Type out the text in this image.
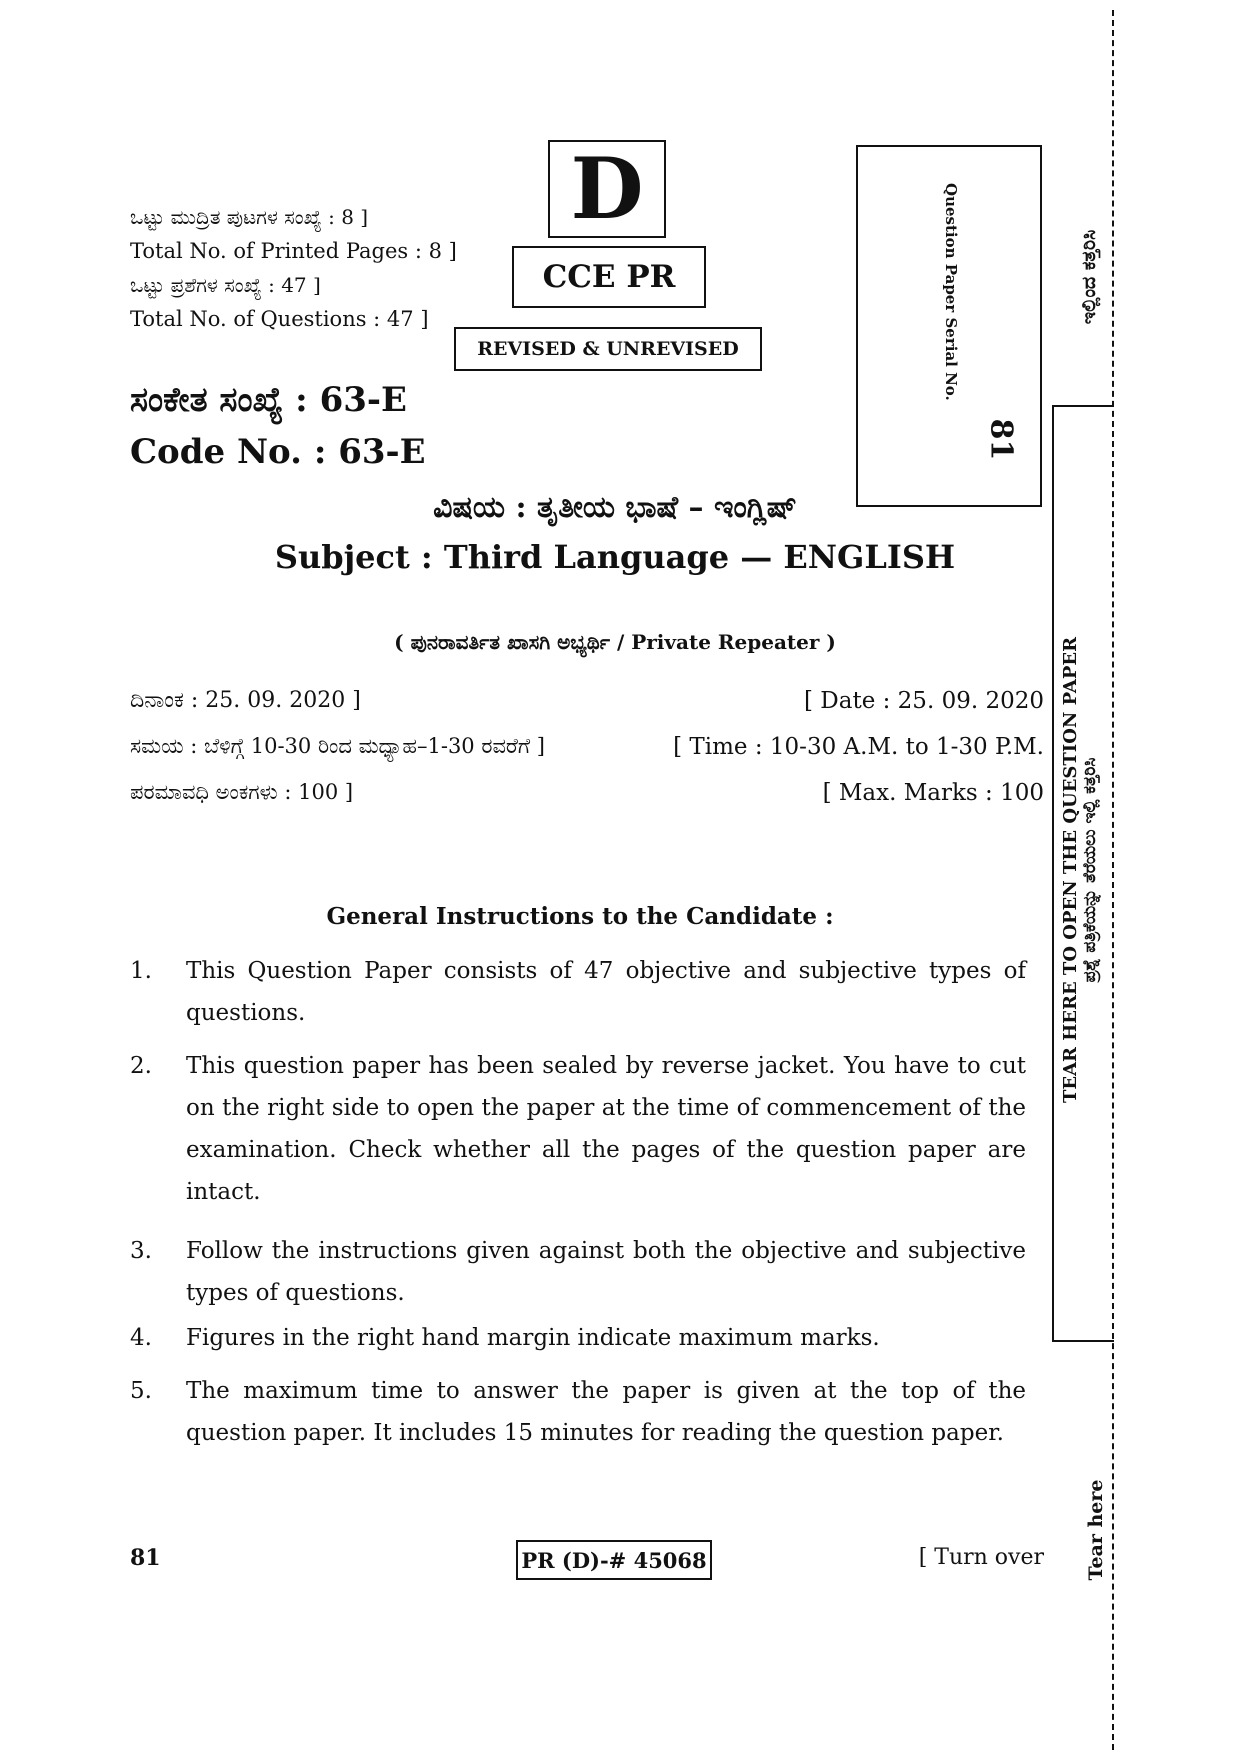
ಒಟ್ಟು ಮುದ್ರಿತ ಪುಟಗಳ ಸಂಖ್ಯೆ : 8 ]
Total No. of Printed Pages : 8 ]
ಒಟ್ಟು ಪ್ರಶೆಗಳ ಸಂಖ್ಯೆ : 47 ]
Total No. of Questions : 47 ]
D
CCE PR
REVISED & UNREVISED	Question Paper Serial No.
81
ಸಂಕೇತ ಸಂಖ್ಯೆ : 63-E
Code No. : 63-E
ವಿಷಯ : ತೃತೀಯ ಭಾಷೆ – ಇಂಗ್ಲಿಷ್
Subject : Third Language — ENGLISH
( ಪುನರಾವರ್ತಿತ ಖಾಸಗಿ ಅಭ್ಯರ್ಥಿ / Private Repeater )
ದಿನಾಂಕ : 25. 09. 2020 ]	[ Date : 25. 09. 2020
ಸಮಯ : ಬೆಳಿಗ್ಗೆ 10-30 ರಿಂದ ಮಧ್ಯಾಹ–1-30 ರವರೆಗೆ ]	[ Time : 10-30 A.M. to 1-30 P.M.
ಪರಮಾವಧಿ ಅಂಕಗಳು : 100 ]	[ Max. Marks : 100
General Instructions to the Candidate :
1. This Question Paper consists of 47 objective and subjective types of questions.
2. This question paper has been sealed by reverse jacket. You have to cut on the right side to open the paper at the time of commencement of the examination. Check whether all the pages of the question paper are intact.
3. Follow the instructions given against both the objective and subjective types of questions.
4. Figures in the right hand margin indicate maximum marks.
5. The maximum time to answer the paper is given at the top of the question paper. It includes 15 minutes for reading the question paper.
81	PR (D)-# 45068	[ Turn over
ಇಲ್ಲಿಂದ ಕತ್ತರಿಸಿ
TEAR HERE TO OPEN THE QUESTION PAPER ಪ್ರಶ್ನೆ ಪತ್ರಿಕೆಯನ್ನು ತೆರೆಯಲು ಇಲ್ಲಿ ಕತ್ತರಿಸಿ
Tear here
